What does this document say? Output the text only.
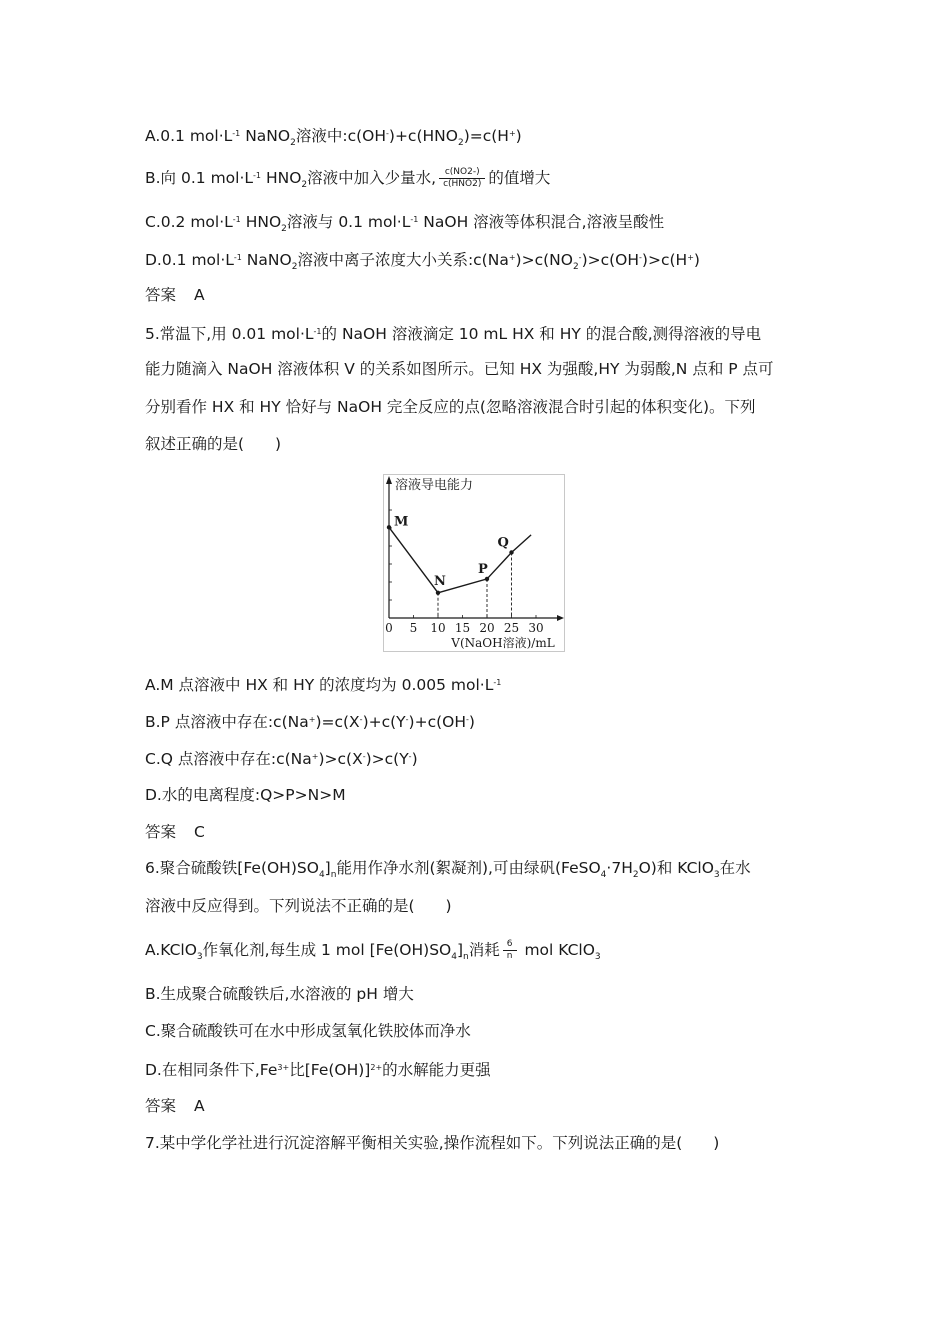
A.0.1 $mol\cdot L^{-1}$ NaNO$_2$溶液中$:c(OH^-)+c(HNO_2)=c(H^+)$
B.向 0.1 $mol\cdot L^{-1}$ $HNO_2$溶液中加入少量水, $\frac{c(NO2-)}{\text{c(HNO2)}}$ 的值增大
C.0.2 $mol\cdot L^{-1}$ $HNO_2$溶液与 0.1 $mol\cdot L^{-1}$ NaOH 溶液等体积混合,溶液呈酸性
D.0.1 $mol\cdot L^{-1}$ NaNO$_2$溶液中离子浓度大小关系$:c(Na^+)>c(NO_2^-)>c(OH^-)>c(H^+)$
答案 A
5.常温下,用 0.01 $mol\cdot L^{-1}$的 NaOH 溶液滴定 10 mL HX 和 HY 的混合酸,测得溶液的导电
能力随滴入 NaOH 溶液体积 V 的关系如图所示。已知 HX 为强酸,HY 为弱酸,N 点和 P 点可
分别看作 HX 和 HY 恰好与 NaOH 完全反应的点(忽略溶液混合时引起的体积变化)。下列
叙述正确的是(　　)
溶液导电能力
0 5 10 15 20 25 30
V(NaOH溶液)/mL
M
N
P
Q
A.M 点溶液中 HX 和 HY 的浓度均为 0.005 $mol\cdot L^{-1}$
B.P 点溶液中存在:c(Na+)=c(X-)+c(Y-)+c(OH-)
C.Q 点溶液中存在:c(Na+)>c(X-)>c(Y-)
D.水的电离程度:Q>P>N>M
答案 C
6.聚合硫酸铁$[Fe(OH)SO_4]_n$能用作净水剂(絮凝剂),可由绿矾$(FeSO_4\cdot 7H_2O)$和 KClO$_3$在水
溶液中反应得到。下列说法不正确的是(　　)
A.KClO$_3$作氧化剂,每生成 1 mol $[Fe(OH)SO_4]_n$消耗 $\frac{6}{n}$ mol KClO$_3$
B.生成聚合硫酸铁后,水溶液的 pH 增大
C.聚合硫酸铁可在水中形成氢氧化铁胶体而净水
D.在相同条件下$,Fe^{3+}$比$[Fe(OH)]^{2+}$的水解能力更强
答案 A
7.某中学化学社进行沉淀溶解平衡相关实验,操作流程如下。下列说法正确的是(　　)
